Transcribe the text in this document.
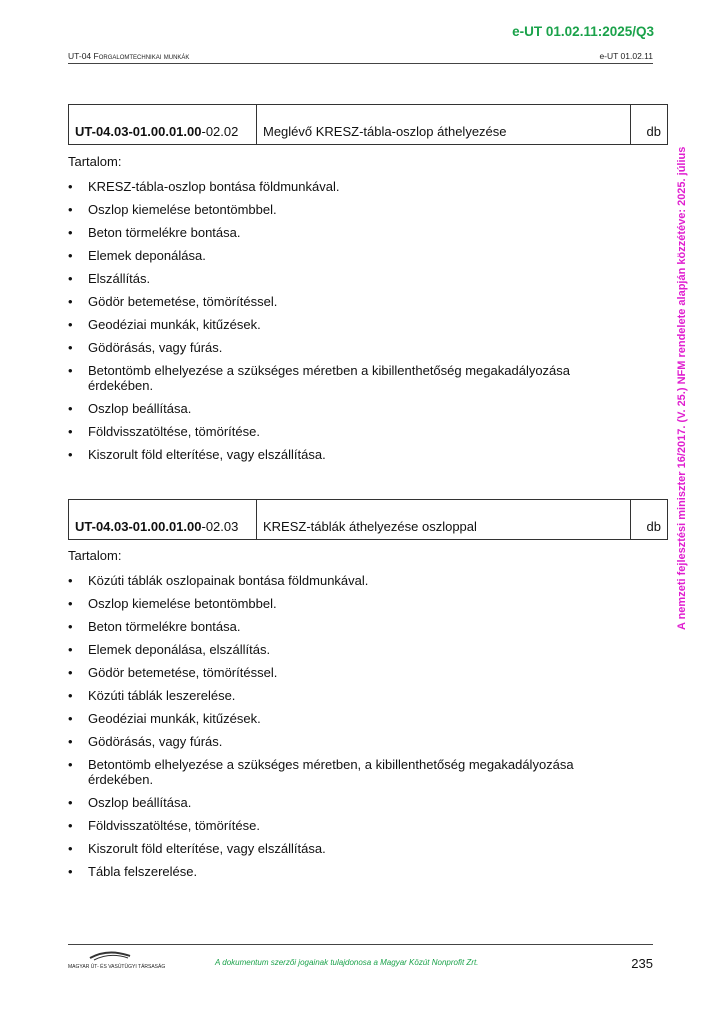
e-UT 01.02.11:2025/Q3
UT-04 Forgalomtechnikai munkák	e-UT 01.02.11
A nemzeti fejlesztési miniszter 16/2017. (V. 25.) NFM rendelete alapján közzétéve: 2025. július
UT-04.03-01.00.01.00-02.02	Meglévő KRESZ-tábla-oszlop áthelyezése	db
Tartalom:
• KRESZ-tábla-oszlop bontása földmunkával.
• Oszlop kiemelése betontömbbel.
• Beton törmelékre bontása.
• Elemek deponálása.
• Elszállítás.
• Gödör betemetése, tömörítéssel.
• Geodéziai munkák, kitűzések.
• Gödörásás, vagy fúrás.
• Betontömb elhelyezése a szükséges méretben a kibillenthetőség megakadályozása érdekében.
• Oszlop beállítása.
• Földvisszatöltése, tömörítése.
• Kiszorult föld elterítése, vagy elszállítása.
UT-04.03-01.00.01.00-02.03	KRESZ-táblák áthelyezése oszloppal	db
Tartalom:
• Közúti táblák oszlopainak bontása földmunkával.
• Oszlop kiemelése betontömbbel.
• Beton törmelékre bontása.
• Elemek deponálása, elszállítás.
• Gödör betemetése, tömörítéssel.
• Közúti táblák leszerelése.
• Geodéziai munkák, kitűzések.
• Gödörásás, vagy fúrás.
• Betontömb elhelyezése a szükséges méretben, a kibillenthetőség megakadályozása érdekében.
• Oszlop beállítása.
• Földvisszatöltése, tömörítése.
• Kiszorult föld elterítése, vagy elszállítása.
• Tábla felszerelése.
MAGYAR ÚT- ÉS VASÚTÜGYI TÁRSASÁG	A dokumentum szerzői jogainak tulajdonosa a Magyar Közút Nonprofit Zrt.	235
